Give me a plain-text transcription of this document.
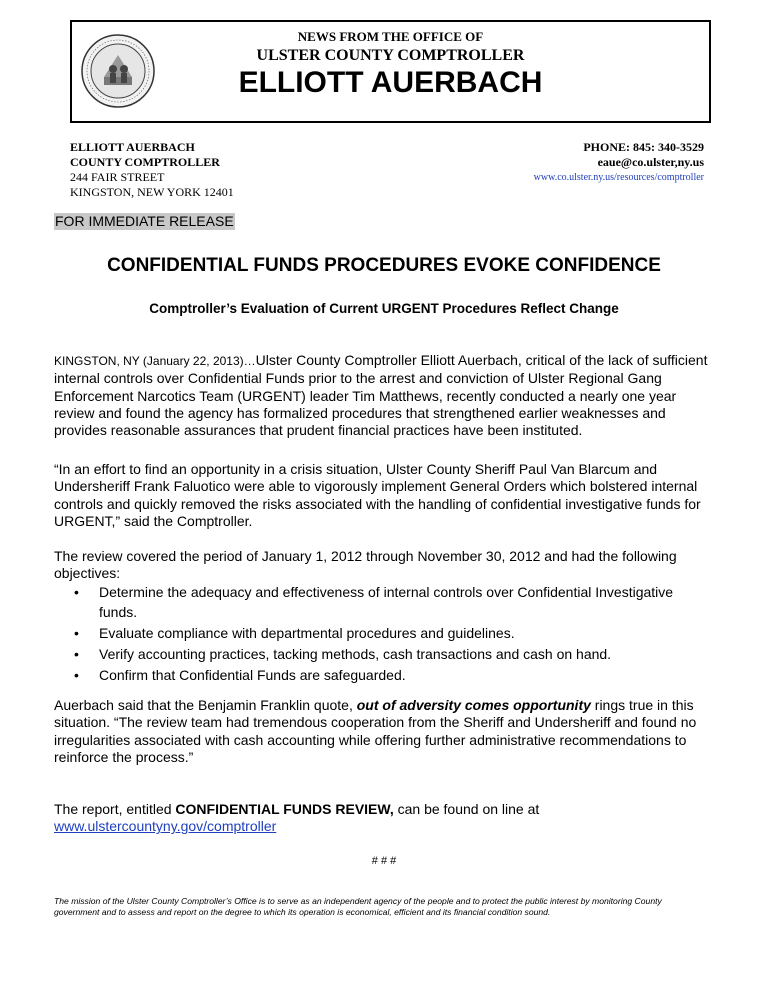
NEWS FROM THE OFFICE OF
ULSTER COUNTY COMPTROLLER
ELLIOTT AUERBACH
ELLIOTT AUERBACH
COUNTY COMPTROLLER
244 FAIR STREET
KINGSTON, NEW YORK 12401
PHONE: 845: 340-3529
eaue@co.ulster,ny.us
www.co.ulster.ny.us/resources/comptroller
FOR IMMEDIATE RELEASE
CONFIDENTIAL FUNDS PROCEDURES EVOKE CONFIDENCE
Comptroller’s Evaluation of Current URGENT Procedures Reflect Change
KINGSTON, NY (January 22, 2013)…Ulster County Comptroller Elliott Auerbach, critical of the lack of sufficient internal controls over Confidential Funds prior to the arrest and conviction of Ulster Regional Gang Enforcement Narcotics Team (URGENT) leader Tim Matthews, recently conducted a nearly one year review and found the agency has formalized procedures that strengthened earlier weaknesses and provides reasonable assurances that prudent financial practices have been instituted.
“In an effort to find an opportunity in a crisis situation, Ulster County Sheriff Paul Van Blarcum and Undersheriff Frank Faluotico were able to vigorously implement General Orders which bolstered internal controls and quickly removed the risks associated with the handling of confidential investigative funds for URGENT,” said the Comptroller.
The review covered the period of January 1, 2012 through November 30, 2012 and had the following objectives:
• Determine the adequacy and effectiveness of internal controls over Confidential Investigative funds.
• Evaluate compliance with departmental procedures and guidelines.
• Verify accounting practices, tacking methods, cash transactions and cash on hand.
• Confirm that Confidential Funds are safeguarded.
Auerbach said that the Benjamin Franklin quote, out of adversity comes opportunity rings true in this situation. “The review team had tremendous cooperation from the Sheriff and Undersheriff and found no irregularities associated with cash accounting while offering further administrative recommendations to reinforce the process.”
The report, entitled CONFIDENTIAL FUNDS REVIEW, can be found on line at
www.ulstercountyny.gov/comptroller
# # #
The mission of the Ulster County Comptroller’s Office is to serve as an independent agency of the people and to protect the public interest by monitoring County government and to assess and report on the degree to which its operation is economical, efficient and its financial condition sound.
